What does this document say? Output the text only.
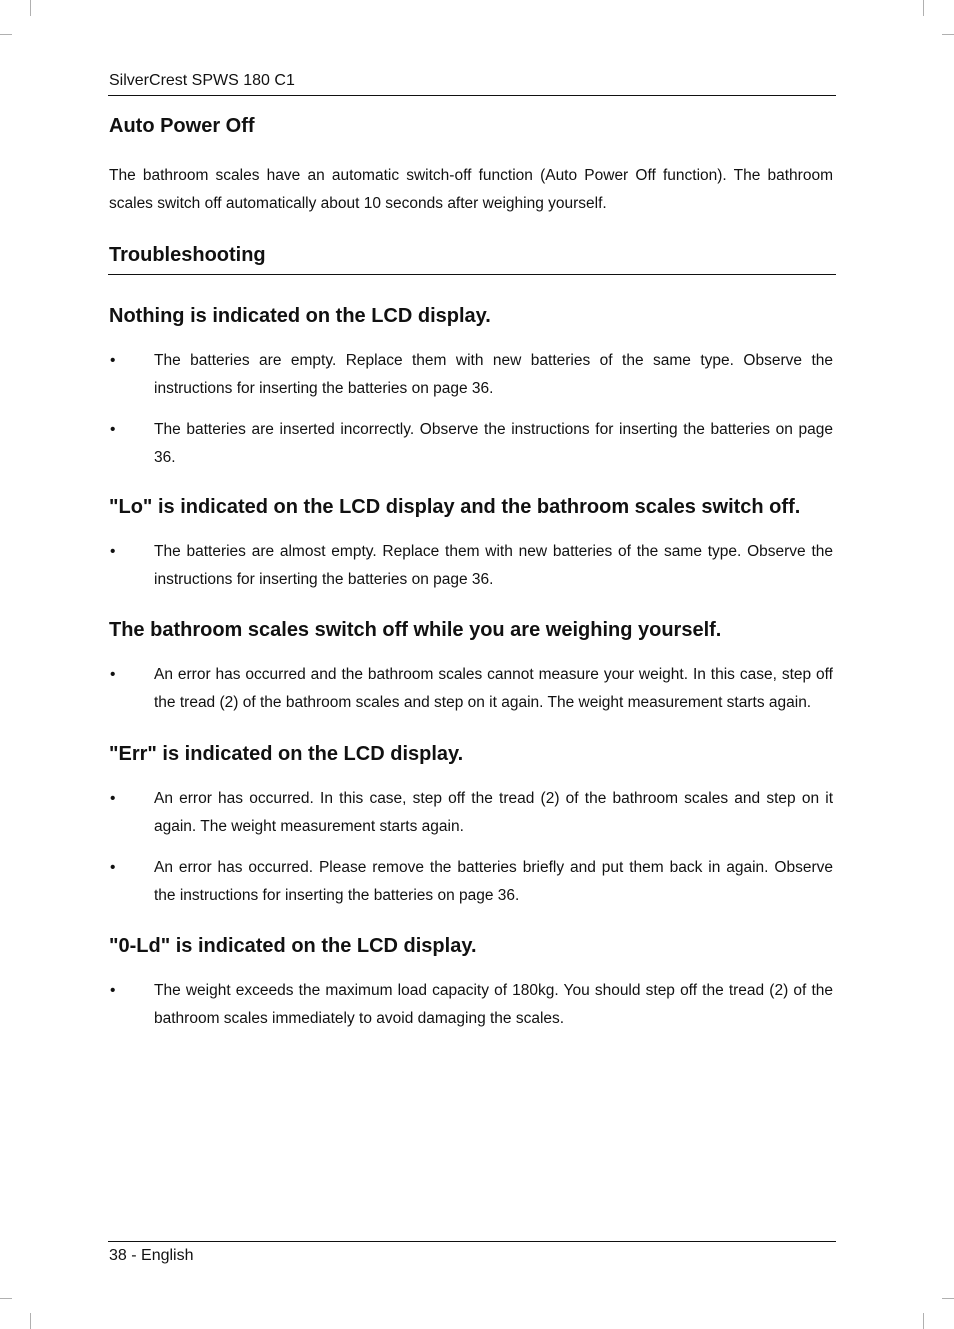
SilverCrest SPWS 180 C1
Auto Power Off

The bathroom scales have an automatic switch-off function (Auto Power Off function). The bathroom scales switch off automatically about 10 seconds after weighing yourself.

Troubleshooting
Nothing is indicated on the LCD display.
•	The batteries are empty. Replace them with new batteries of the same type. Observe the instructions for inserting the batteries on page 36.
•	The batteries are inserted incorrectly. Observe the instructions for inserting the batteries on page 36.
"Lo" is indicated on the LCD display and the bathroom scales switch off.
•	The batteries are almost empty. Replace them with new batteries of the same type. Observe the instructions for inserting the batteries on page 36.
The bathroom scales switch off while you are weighing yourself.
•	An error has occurred and the bathroom scales cannot measure your weight. In this case, step off the tread (2) of the bathroom scales and step on it again. The weight measurement starts again.
"Err" is indicated on the LCD display.
•	An error has occurred. In this case, step off the tread (2) of the bathroom scales and step on it again. The weight measurement starts again.
•	An error has occurred. Please remove the batteries briefly and put them back in again. Observe the instructions for inserting the batteries on page 36.
"0-Ld" is indicated on the LCD display.
•	The weight exceeds the maximum load capacity of 180kg. You should step off the tread (2) of the bathroom scales immediately to avoid damaging the scales.
38 - English
